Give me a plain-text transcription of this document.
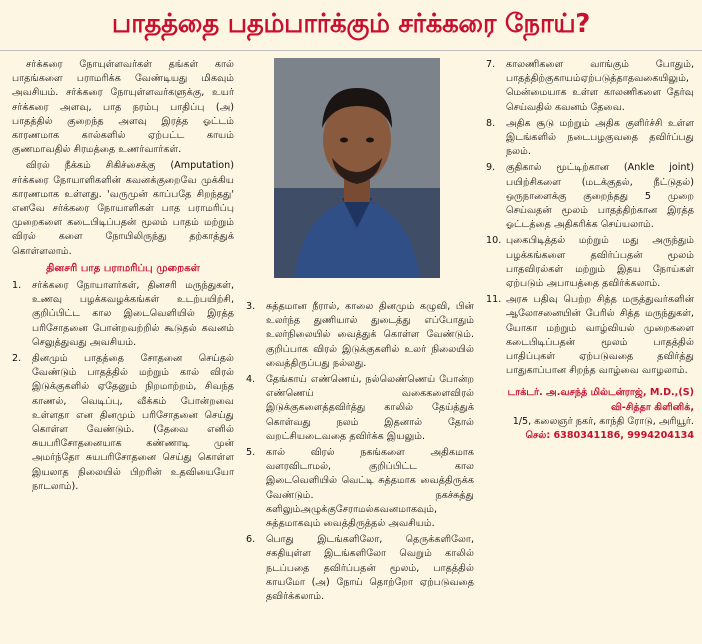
பாதத்தை பதம்பார்க்கும் சர்க்கரை நோய்?

சர்க்கரை நோயுள்ளவர்கள் தங்கள் கால் பாதங்களை பராமரிக்க வேண்டியது மிகவும் அவசியம். சர்க்கரை நோயுள்ளவர்களுக்கு, உயர் சர்க்கரை அளவு, பாத நரம்பு பாதிப்பு (அ) பாதத்தில் குறைந்த அளவு இரத்த ஓட்டம் காரணமாக கால்களில் ஏற்பட்ட காயம் குணமாவதில் சிரமத்தை உணர்வார்கள்.

விரல் நீக்கம் சிகிச்சைக்கு (Amputation) சர்க்கரை நோயாளிகளின் கவனக்குறைவே முக்கிய காரணமாக உள்ளது. 'வருமுன் காப்பதே சிறந்தது' எனவே சர்க்கரை நோயாளிகள் பாத பராமரிப்பு முறைகளை கடைபிடிப்பதன் மூலம் பாதம் மற்றும் விரல் களை நோயிலிருந்து தற்காத்துக் கொள்ளலாம்.

தினசரி பாத பராமரிப்பு முறைகள்
1.	சர்க்கரை நோயாளர்கள், தினசரி மருந்துகள், உணவு பழக்கவழக்கங்கள் உடற்பயிற்சி, குறிப்பிட்ட கால இடைவெளியில் இரத்த பரிசோதனை போன்றவற்றில் கூடுதல் கவனம் செலுத்துவது அவசியம்.
2.	தினமும் பாதத்தை சோதனை செய்தல் வேண்டும் பாதத்தில் மற்றும் கால் விரல் இடுக்குகளில் ஏதேனும் நிறமாற்றம், சிவந்த காணல், வெடிப்பு, வீக்கம் போன்றவை உள்ளதா என தினமும் பரிசோதனை செய்து கொள்ள வேண்டும். (தேவை எனில் சுயபரிசோதனையாக கண்ணாடி முன் அமர்ந்தோ சுயபரிசோதனை செய்து கொள்ள இயலாத நிலையில் பிறரின் உதவியையோ நாடலாம்).
3.	சுத்தமான நீரால், காலை தினமும் கழுவி, பின் உலர்ந்த துணியால் துடைத்து எப்போதும் உலர்நிலையில் வைத்துக் கொள்ள வேண்டும். குறிப்பாக விரல் இடுக்குகளில் உலர் நிலையில் வைத்திருப்பது நல்லது.
4.	தேங்காய் எண்ணெய், நல்லெண்ணெய் போன்ற எண்ணெய் வகைகளைவிரல் இடுக்குகளைத்தவிர்த்து காலில் தேய்த்துக் கொள்வது நலம் இதனால் தோல் வறட்சியடைவதை தவிர்க்க இயலும்.
5.	கால் விரல் நகங்களை அதிகமாக வளரவிடாமல், குறிப்பிட்ட கால இடைவெளியில் வெட்டி சுத்தமாக வைத்திருக்க வேண்டும். நகச்சுத்து களிலும்அழுக்குசேராமல்கவனமாகவும், சுத்தமாகவும் வைத்திருத்தல் அவசியம்.
6.	பொது இடங்களிலோ, தெருக்களிலோ, சகதியுள்ள இடங்களிலோ வெறும் காலில் நடப்பதை தவிர்ப்பதன் மூலம், பாதத்தில் காயமோ (அ) நோய் தொற்றோ ஏற்படுவதை தவிர்க்கலாம்.
7.	காலணிகளை வாங்கும் போதும், பாதத்திற்குகாயம்ஏற்படுத்தாதவகையிலும், மென்மையாக உள்ள காலணிகளை தேர்வு செய்வதில் கவனம் தேவை.
8.	அதிக சூடு மற்றும் அதிக குளிர்ச்சி உள்ள இடங்களில் நடைபழகுவதை தவிர்ப்பது நலம்.
9.	குதிகால் மூட்டிற்கான (Ankle joint) பயிற்சிகளை (மடக்குதல், நீட்டுதல்) ஒருநாளைக்கு குறைந்தது 5 முறை செய்வதன் மூலம் பாதத்திற்கான இரத்த ஓட்டத்தை அதிகரிக்க செய்யலாம்.
10. புகைபிடித்தல் மற்றும் மது அருந்தும் பழக்கங்களை தவிர்ப்பதன் மூலம் பாதவிரல்கள் மற்றும் இதய நோய்கள் ஏற்படும் அபாயத்தை தவிர்க்கலாம்.
11. அரசு பதிவு பெற்ற சித்த மருத்துவர்களின் ஆலோசனையின் பேரில் சித்த மருந்துகள், யோகா மற்றும் வாழ்வியல் முறைகளை கடைபிடிப்பதன் மூலம் பாதத்தில் பாதிப்புகள் ஏற்படுவதை தவிர்த்து பாதுகாப்பான சிறந்த வாழ்வை வாழலாம்.
டாக்டர். அ.வசந்த் மில்டன்ராஜ், M.D.,(S)
வி-சித்தா கிளினிக்,
1/5, கலைஞர் நகர், காந்தி ரோடு, அரியூர்.
செல்: 6380341186, 9994204134
